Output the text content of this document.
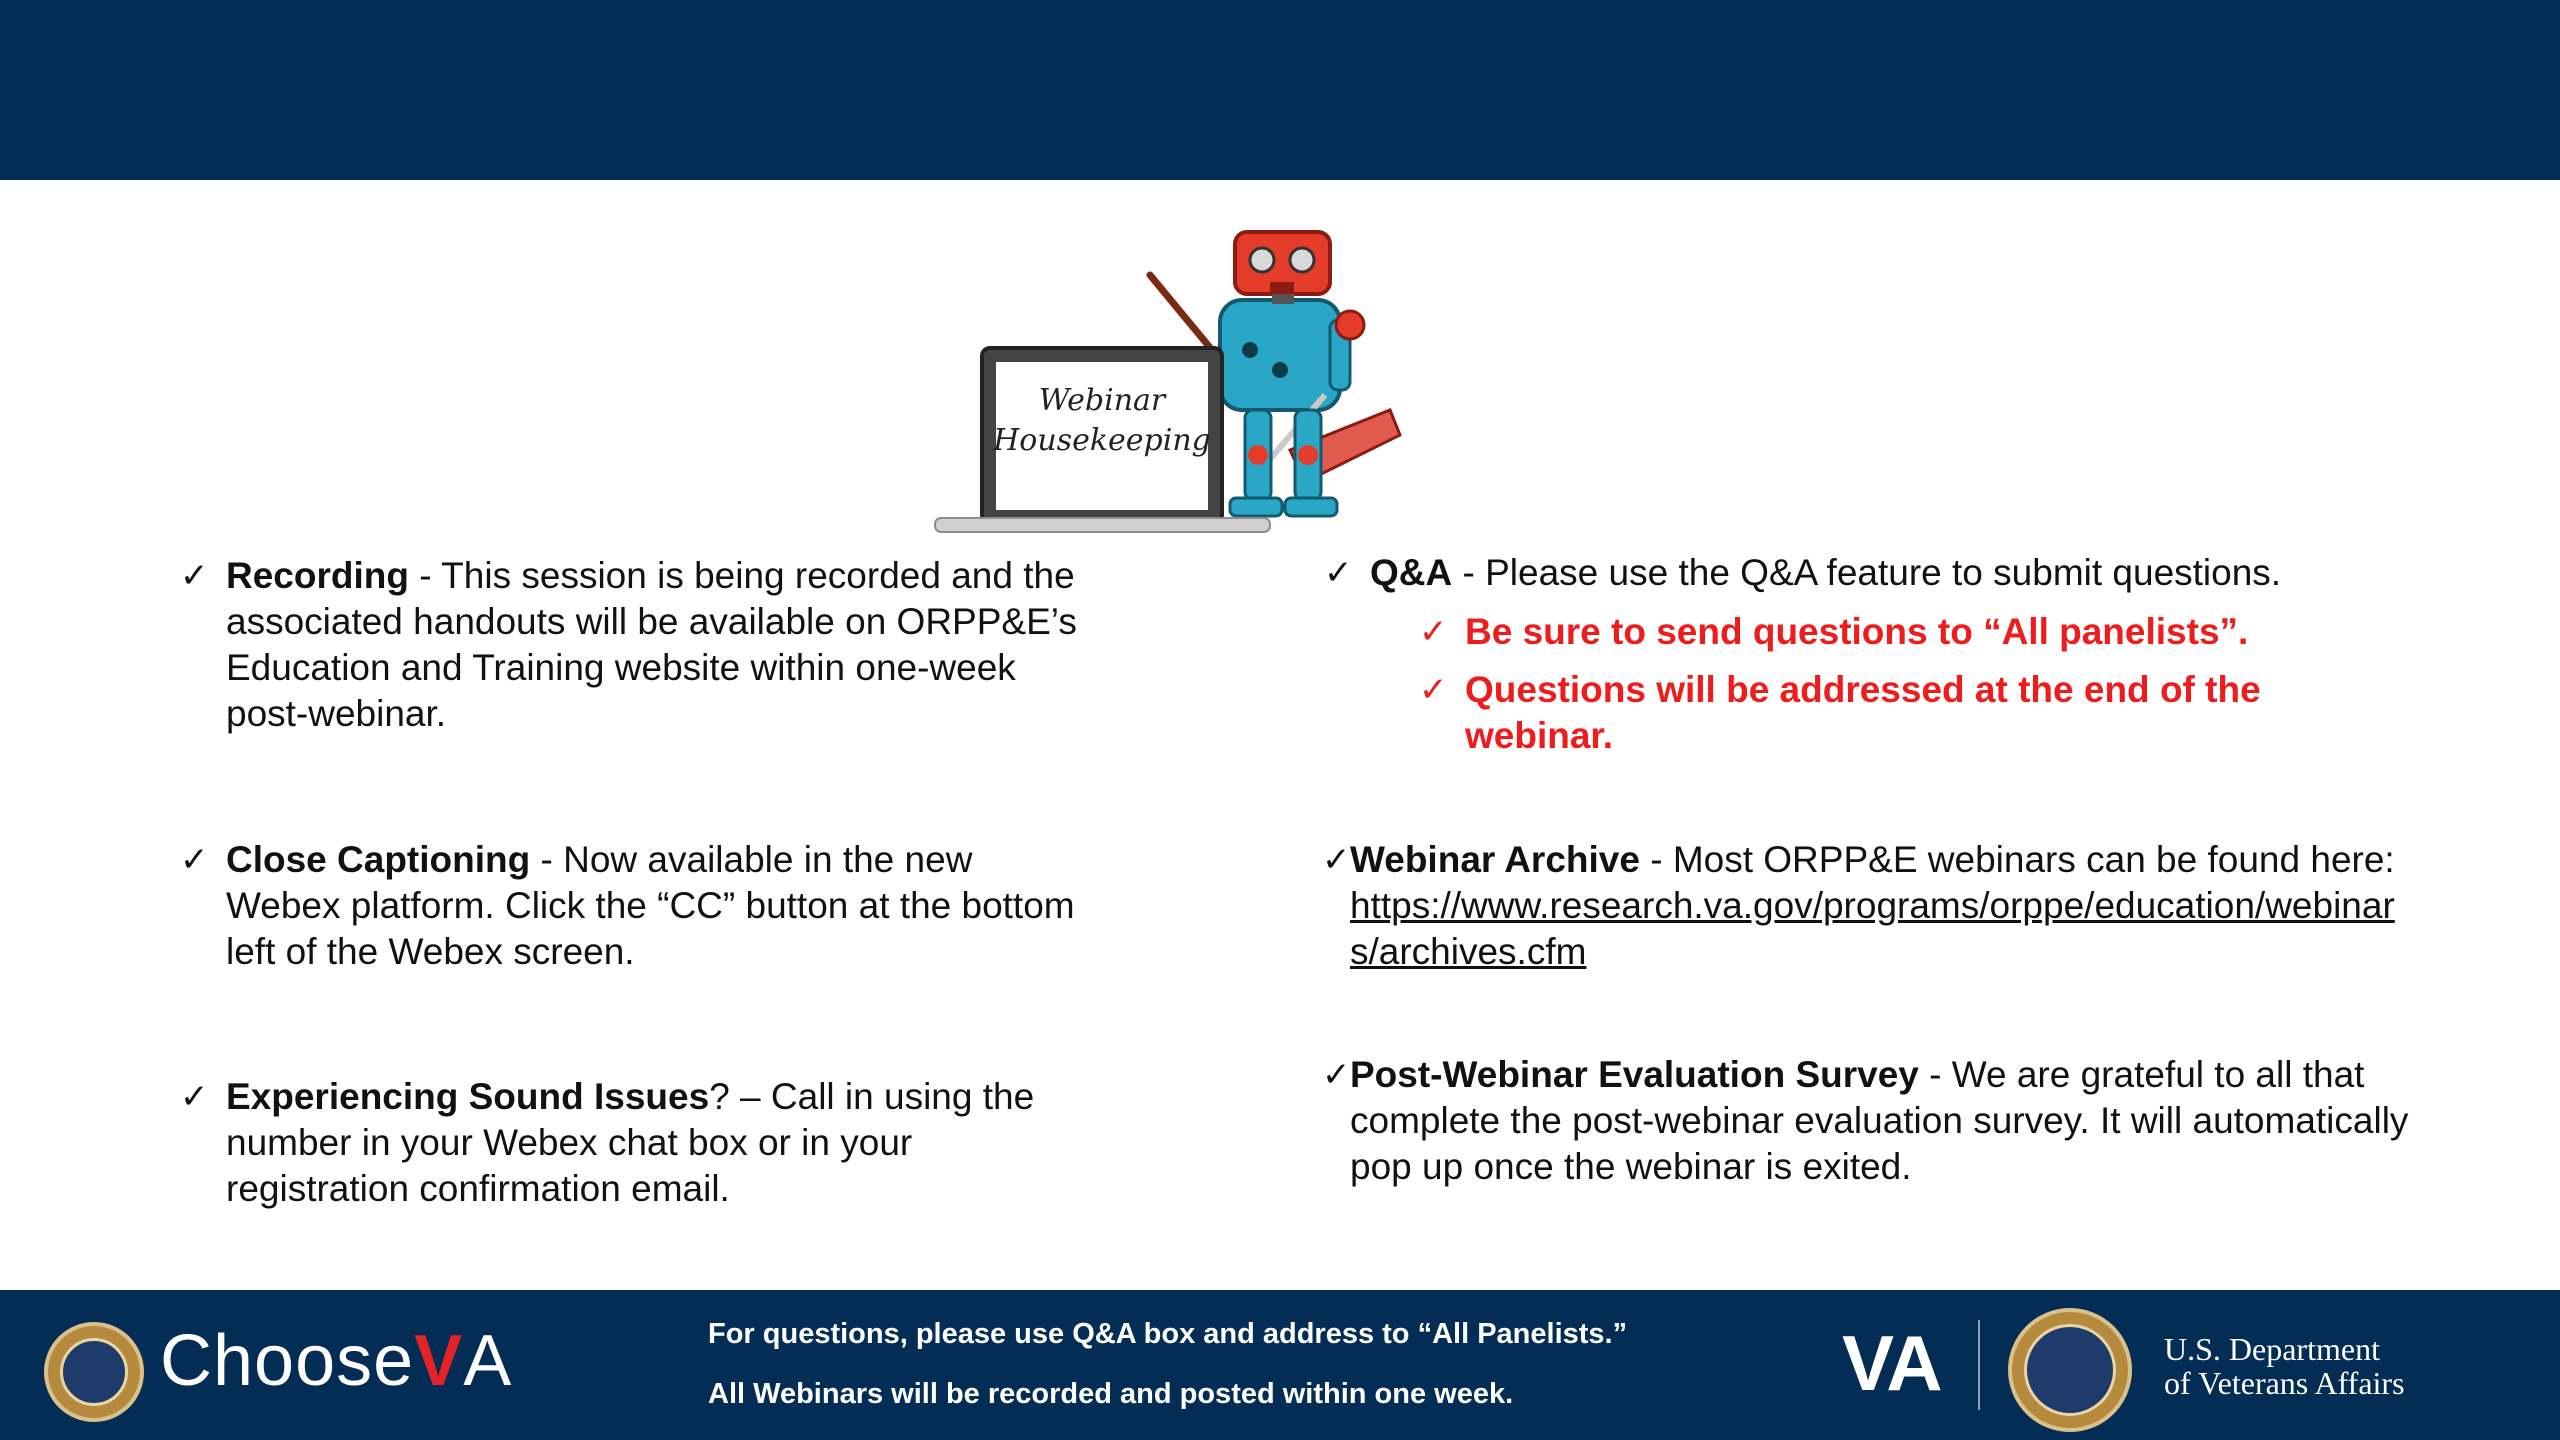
Webinar
Housekeeping
✓ Recording - This session is being recorded and the associated handouts will be available on ORPP&E’s Education and Training website within one-week post-webinar.
✓ Close Captioning - Now available in the new Webex platform. Click the “CC” button at the bottom left of the Webex screen.
✓ Experiencing Sound Issues? – Call in using the number in your Webex chat box or in your registration confirmation email.
✓ Q&A - Please use the Q&A feature to submit questions.
✓ Be sure to send questions to “All panelists”.
✓ Questions will be addressed at the end of the webinar.
✓ Webinar Archive - Most ORPP&E webinars can be found here: https://www.research.va.gov/programs/orppe/education/webinars/archives.cfm
✓ Post-Webinar Evaluation Survey - We are grateful to all that complete the post-webinar evaluation survey. It will automatically pop up once the webinar is exited.
ChooseVA	For questions, please use Q&A box and address to “All Panelists.”
All Webinars will be recorded and posted within one week.	VA	U.S. Department
of Veterans Affairs
